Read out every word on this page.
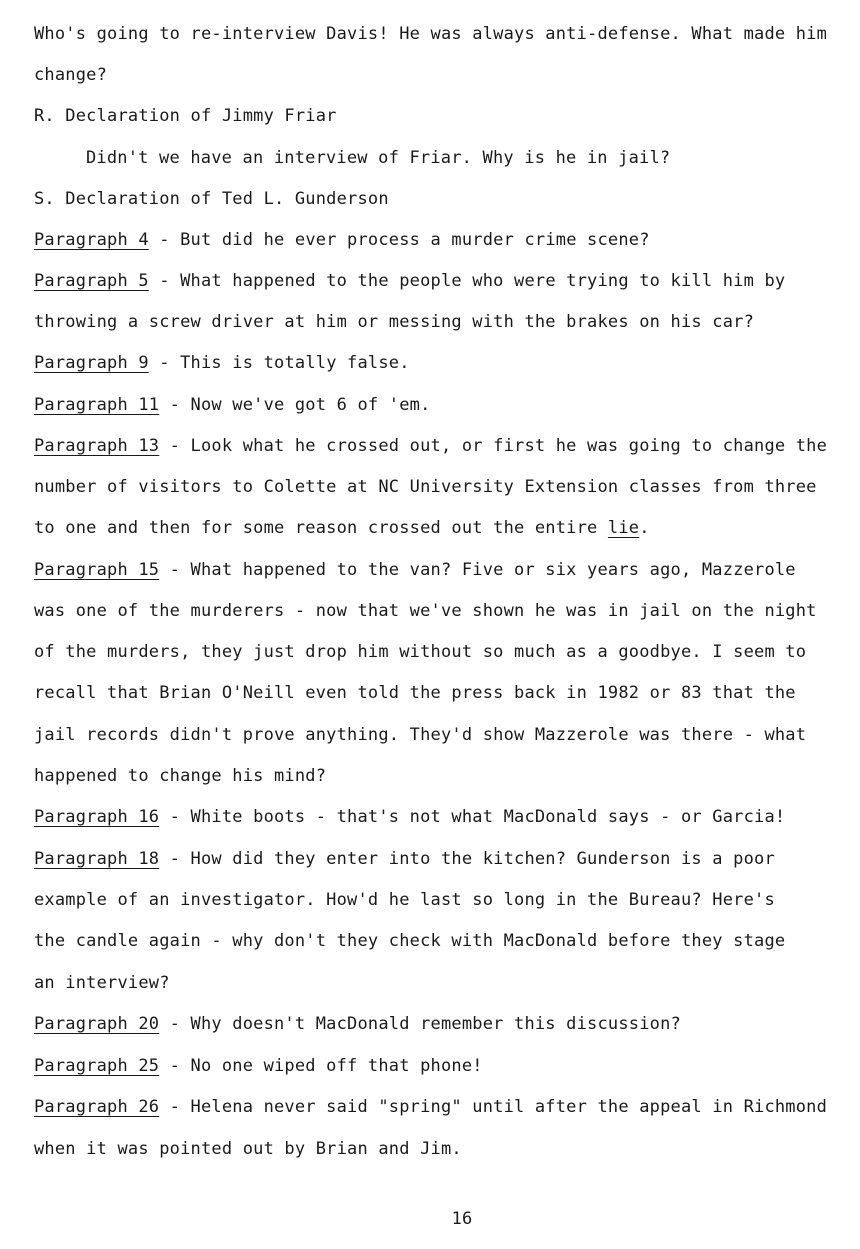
Who's going to re-interview Davis! He was always anti-defense. What made him
change?
R. Declaration of Jimmy Friar
Didn't we have an interview of Friar. Why is he in jail?
S. Declaration of Ted L. Gunderson
Paragraph 4 - But did he ever process a murder crime scene?
Paragraph 5 - What happened to the people who were trying to kill him by
throwing a screw driver at him or messing with the brakes on his car?
Paragraph 9 - This is totally false.
Paragraph 11 - Now we've got 6 of 'em.
Paragraph 13 - Look what he crossed out, or first he was going to change the
number of visitors to Colette at NC University Extension classes from three
to one and then for some reason crossed out the entire lie.
Paragraph 15 - What happened to the van? Five or six years ago, Mazzerole
was one of the murderers - now that we've shown he was in jail on the night
of the murders, they just drop him without so much as a goodbye. I seem to
recall that Brian O'Neill even told the press back in 1982 or 83 that the
jail records didn't prove anything. They'd show Mazzerole was there - what
happened to change his mind?
Paragraph 16 - White boots - that's not what MacDonald says - or Garcia!
Paragraph 18 - How did they enter into the kitchen? Gunderson is a poor
example of an investigator. How'd he last so long in the Bureau? Here's
the candle again - why don't they check with MacDonald before they stage
an interview?
Paragraph 20 - Why doesn't MacDonald remember this discussion?
Paragraph 25 - No one wiped off that phone!
Paragraph 26 - Helena never said "spring" until after the appeal in Richmond
when it was pointed out by Brian and Jim.
16
